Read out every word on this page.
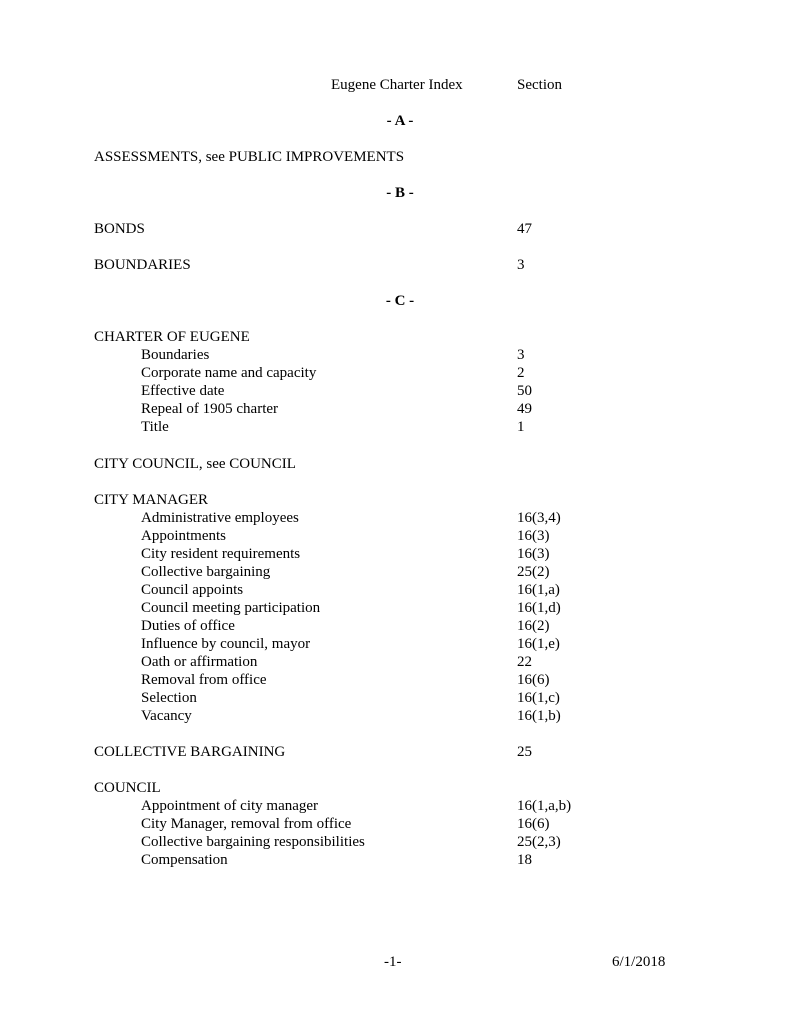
Eugene Charter Index	Section
- A -
ASSESSMENTS, see PUBLIC IMPROVEMENTS
- B -
BONDS	47
BOUNDARIES	3
- C -
CHARTER OF EUGENE
Boundaries	3
Corporate name and capacity	2
Effective date	50
Repeal of 1905 charter	49
Title	1
CITY COUNCIL, see COUNCIL
CITY MANAGER
Administrative employees	16(3,4)
Appointments	16(3)
City resident requirements	16(3)
Collective bargaining	25(2)
Council appoints	16(1,a)
Council meeting participation	16(1,d)
Duties of office	16(2)
Influence by council, mayor	16(1,e)
Oath or affirmation	22
Removal from office	16(6)
Selection	16(1,c)
Vacancy	16(1,b)
COLLECTIVE BARGAINING	25
COUNCIL
Appointment of city manager	16(1,a,b)
City Manager, removal from office	16(6)
Collective bargaining responsibilities	25(2,3)
Compensation	18
-1-	6/1/2018
